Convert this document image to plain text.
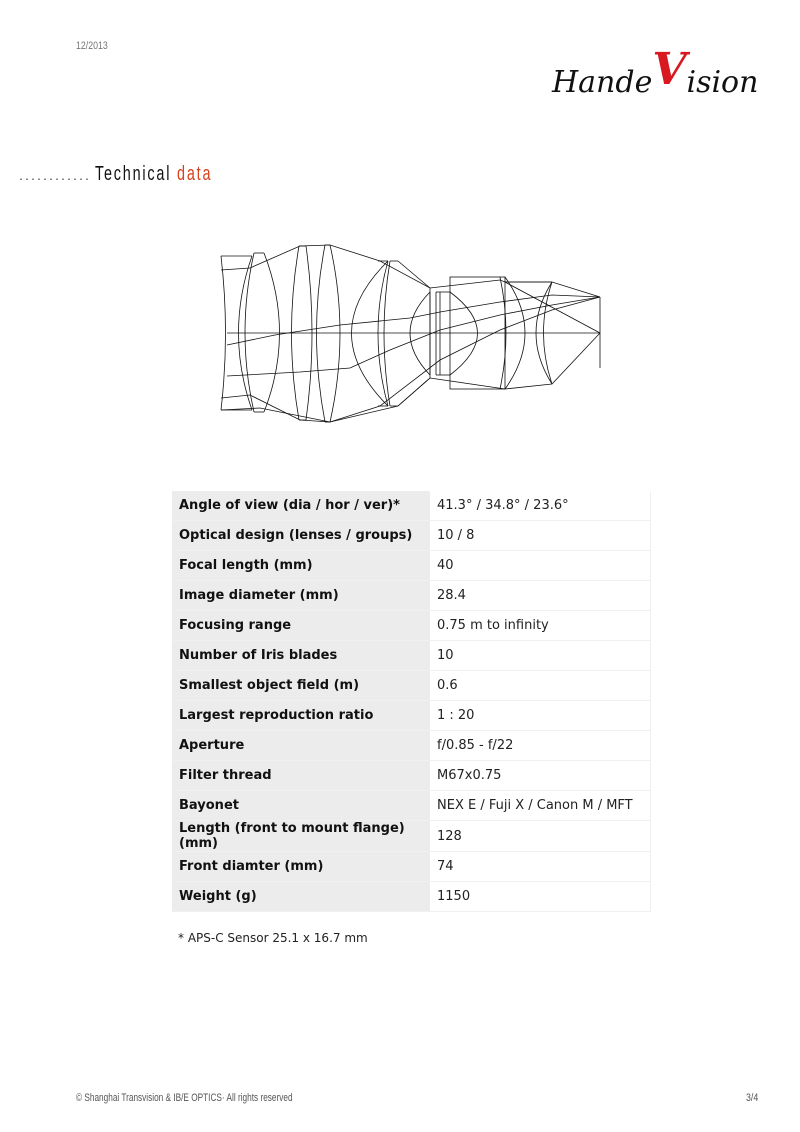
12/2013
HandeVision
............ Technical data
Angle of view (dia / hor / ver)*	41.3° / 34.8° / 23.6°
Optical design (lenses / groups)	10 / 8
Focal length (mm)	40
Image diameter (mm)	28.4
Focusing range	0.75 m to infinity
Number of Iris blades	10
Smallest object field (m)	0.6
Largest reproduction ratio	1 : 20
Aperture	f/0.85 - f/22
Filter thread	M67x0.75
Bayonet	NEX E / Fuji X / Canon M / MFT
Length (front to mount flange) (mm)	128
Front diamter (mm)	74
Weight (g)	1150
* APS-C Sensor 25.1 x 16.7 mm
© Shanghai Transvision & IB/E OPTICS· All rights reserved	3/4
